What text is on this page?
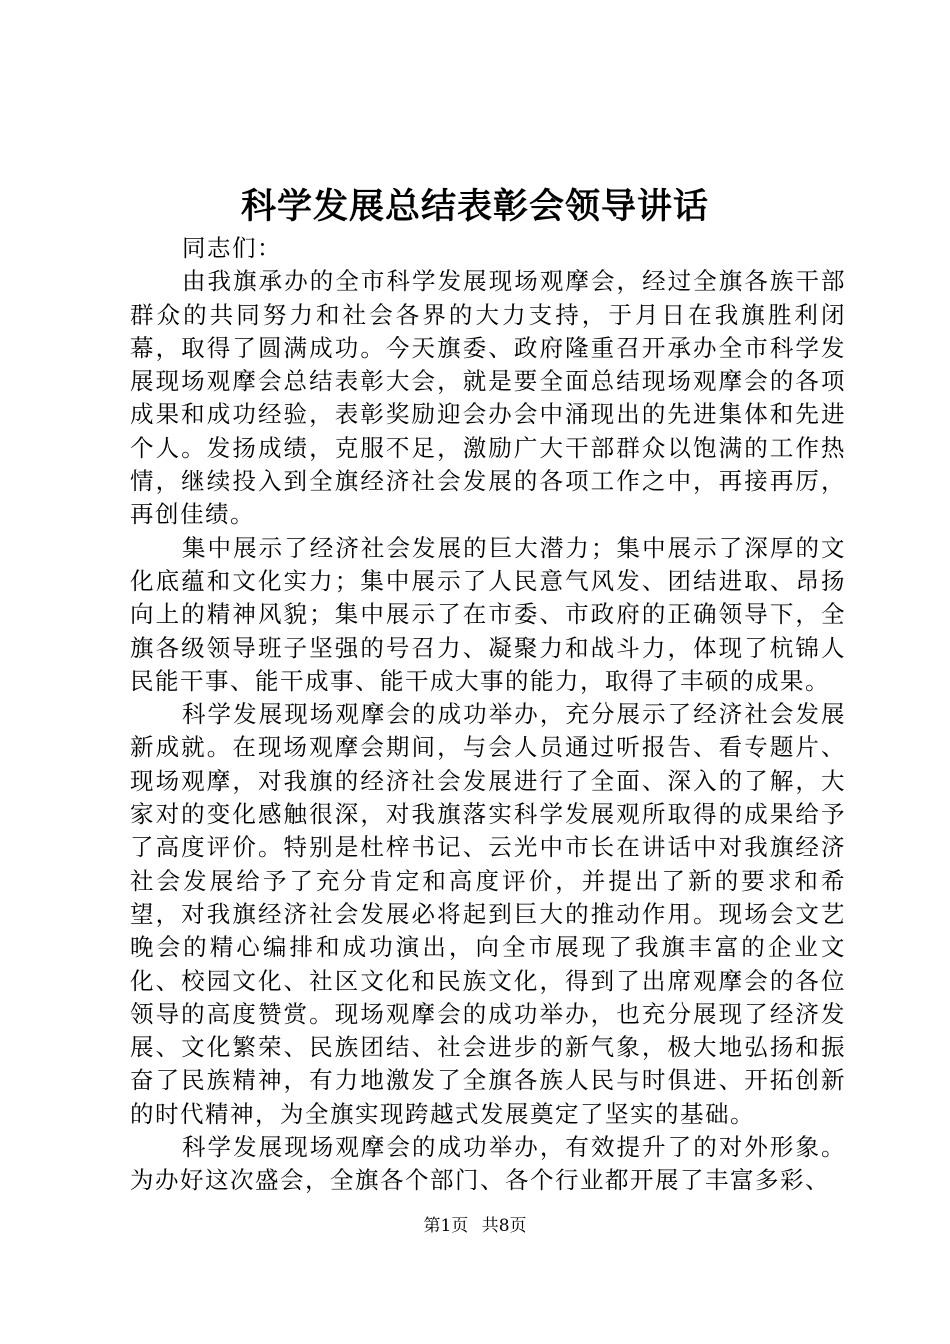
科学发展总结表彰会领导讲话

同志们：

由我旗承办的全市科学发展现场观摩会，经过全旗各族干部群众的共同努力和社会各界的大力支持，于月日在我旗胜利闭幕，取得了圆满成功。今天旗委、政府隆重召开承办全市科学发展现场观摩会总结表彰大会，就是要全面总结现场观摩会的各项成果和成功经验，表彰奖励迎会办会中涌现出的先进集体和先进个人。发扬成绩，克服不足，激励广大干部群众以饱满的工作热情，继续投入到全旗经济社会发展的各项工作之中，再接再厉，再创佳绩。

集中展示了经济社会发展的巨大潜力；集中展示了深厚的文化底蕴和文化实力；集中展示了人民意气风发、团结进取、昂扬向上的精神风貌；集中展示了在市委、市政府的正确领导下，全旗各级领导班子坚强的号召力、凝聚力和战斗力，体现了杭锦人民能干事、能干成事、能干成大事的能力，取得了丰硕的成果。

科学发展现场观摩会的成功举办，充分展示了经济社会发展新成就。在现场观摩会期间，与会人员通过听报告、看专题片、现场观摩，对我旗的经济社会发展进行了全面、深入的了解，大家对的变化感触很深，对我旗落实科学发展观所取得的成果给予了高度评价。特别是杜梓书记、云光中市长在讲话中对我旗经济社会发展给予了充分肯定和高度评价，并提出了新的要求和希望，对我旗经济社会发展必将起到巨大的推动作用。现场会文艺晚会的精心编排和成功演出，向全市展现了我旗丰富的企业文化、校园文化、社区文化和民族文化，得到了出席观摩会的各位领导的高度赞赏。现场观摩会的成功举办，也充分展现了经济发展、文化繁荣、民族团结、社会进步的新气象，极大地弘扬和振奋了民族精神，有力地激发了全旗各族人民与时俱进、开拓创新的时代精神，为全旗实现跨越式发展奠定了坚实的基础。

科学发展现场观摩会的成功举办，有效提升了的对外形象。为办好这次盛会，全旗各个部门、各个行业都开展了丰富多彩、

第1页 共8页
